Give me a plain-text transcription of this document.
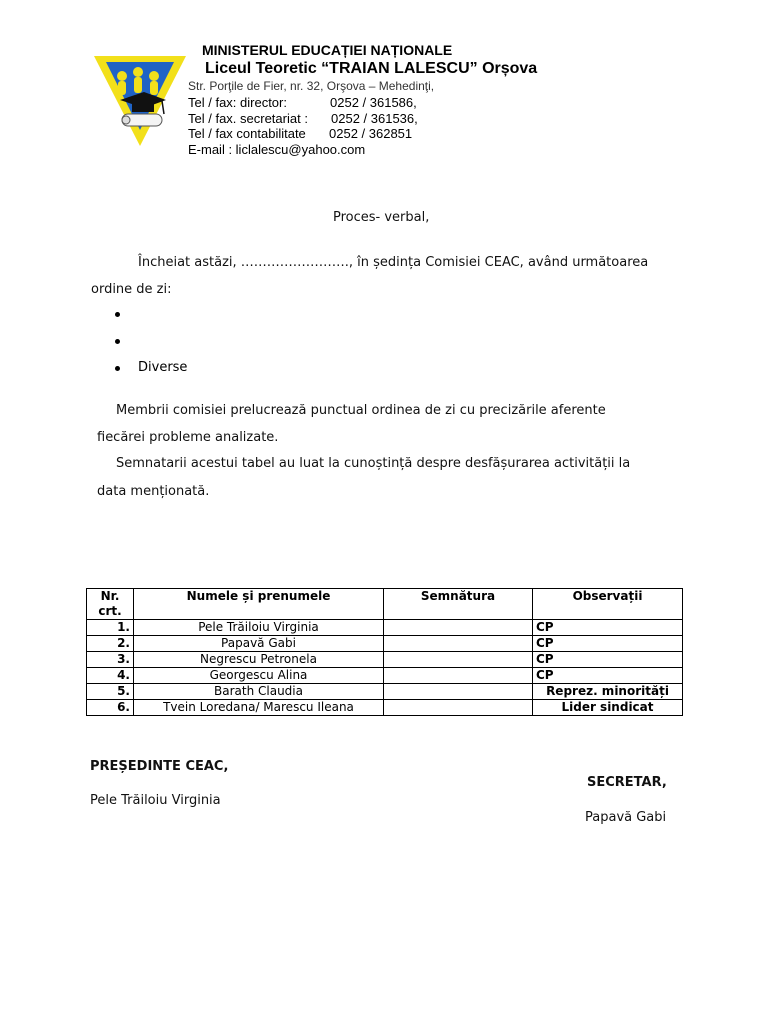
MINISTERUL EDUCAȚIEI NAȚIONALE
Liceul Teoretic “TRAIAN LALESCU” Orșova
Str. Porţile de Fier, nr. 32, Orşova – Mehedinţi,
Tel / fax: director:	0252 / 361586,
Tel / fax. secretariat : 0252 / 361536,
Tel / fax contabilitate 0252 / 362851
E-mail : liclalescu@yahoo.com
Proces- verbal,
Încheiat astăzi, ……………………., în ședința Comisiei CEAC, având următoarea
ordine de zi:
Diverse
Membrii comisiei prelucrează punctual ordinea de zi cu precizările aferente
fiecărei probleme analizate.
Semnatarii acestui tabel au luat la cunoștință despre desfășurarea activității la
data menționată.
Nr. crt.	Numele și prenumele	Semnătura	Observații
1.	Pele Trăiloiu Virginia		CP
2.	Papavă Gabi		CP
3.	Negrescu Petronela		CP
4.	Georgescu Alina		CP
5.	Barath Claudia		Reprez. minorități
6.	Tvein Loredana/ Marescu Ileana		Lider sindicat
PREȘEDINTE CEAC,
Pele Trăiloiu Virginia
SECRETAR,
Papavă Gabi
